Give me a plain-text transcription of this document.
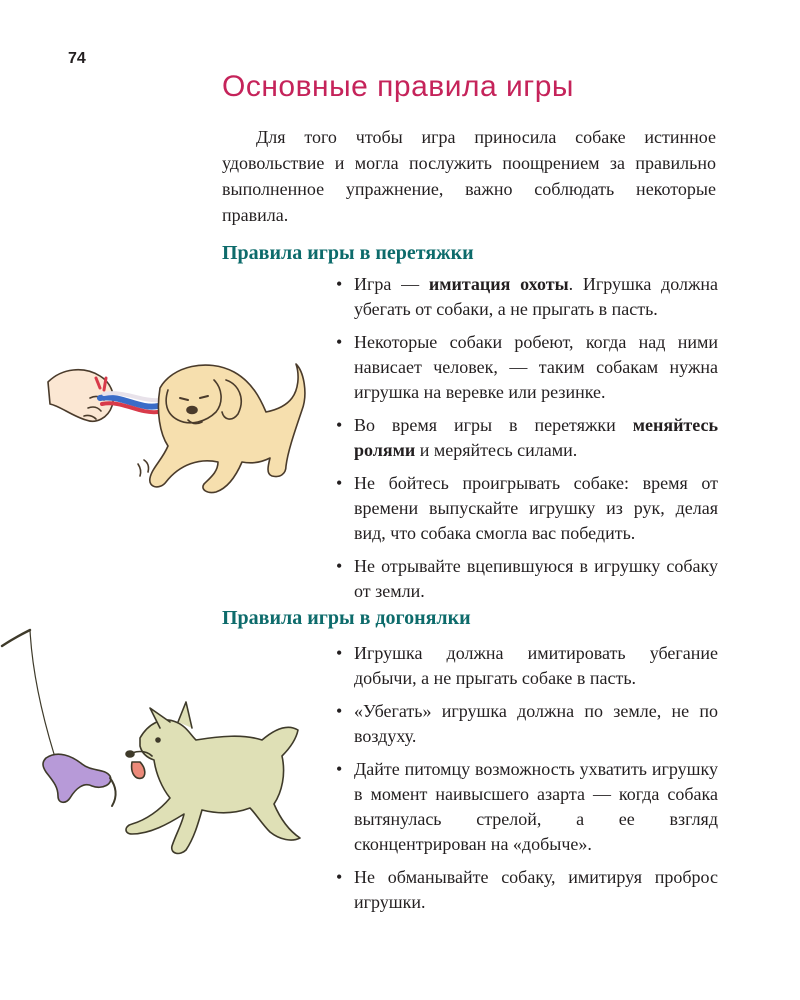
74
Основные правила игры

Для того чтобы игра приносила собаке истинное удовольствие и могла послужить поощрением за правильно выполненное упражнение, важно соблюдать некоторые правила.

Правила игры в перетяжки
• Игра — имитация охоты. Игрушка должна убегать от собаки, а не прыгать в пасть.
• Некоторые собаки робеют, когда над ними нависает человек, — таким собакам нужна игрушка на веревке или резинке.
• Во время игры в перетяжки меняйтесь ролями и меряйтесь силами.
• Не бойтесь проигрывать собаке: время от времени выпускайте игрушку из рук, делая вид, что собака смогла вас победить.
• Не отрывайте вцепившуюся в игрушку собаку от земли.
Правила игры в догонялки
• Игрушка должна имитировать убегание добычи, а не прыгать собаке в пасть.
• «Убегать» игрушка должна по земле, не по воздуху.
• Дайте питомцу возможность ухватить игрушку в момент наивысшего азарта — когда собака вытянулась стрелой, а ее взгляд сконцентрирован на «добыче».
• Не обманывайте собаку, имитируя проброс игрушки.
